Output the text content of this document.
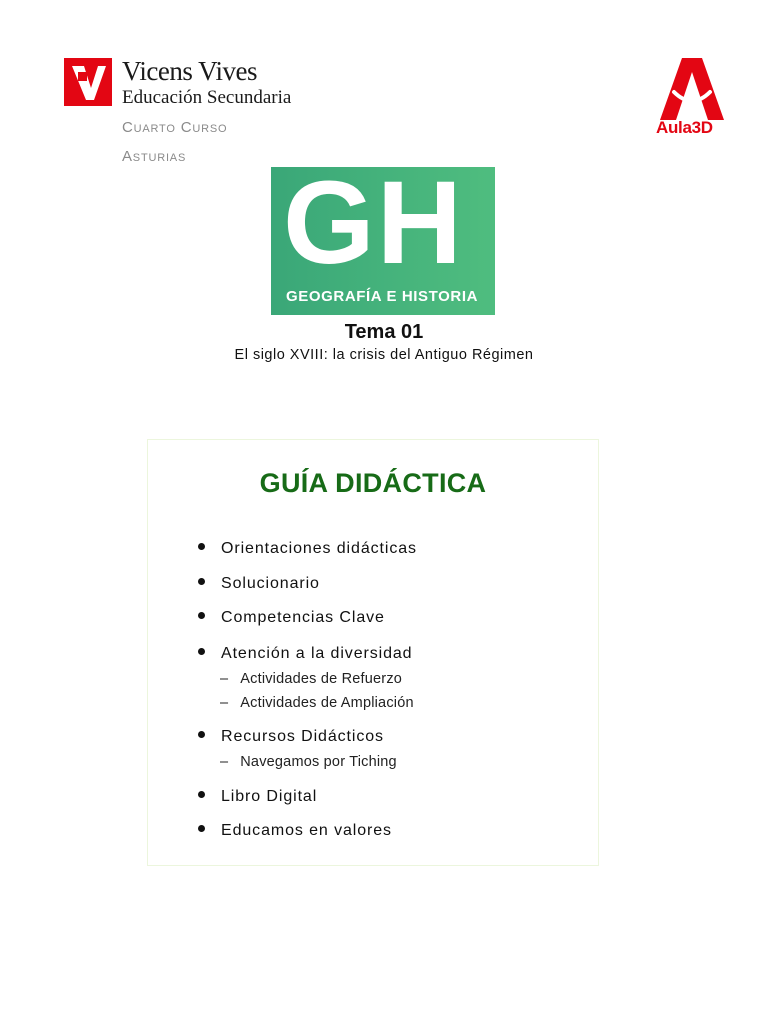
Vicens Vives
Educación Secundaria
Cuarto Curso
Asturias
Aula3D
GH
GEOGRAFÍA E HISTORIA
Tema 01
El siglo XVIII: la crisis del Antiguo Régimen
GUÍA DIDÁCTICA
Orientaciones didácticas
Solucionario
Competencias Clave
Atención a la diversidad
– Actividades de Refuerzo
– Actividades de Ampliación
Recursos Didácticos
– Navegamos por Tiching
Libro Digital
Educamos en valores
